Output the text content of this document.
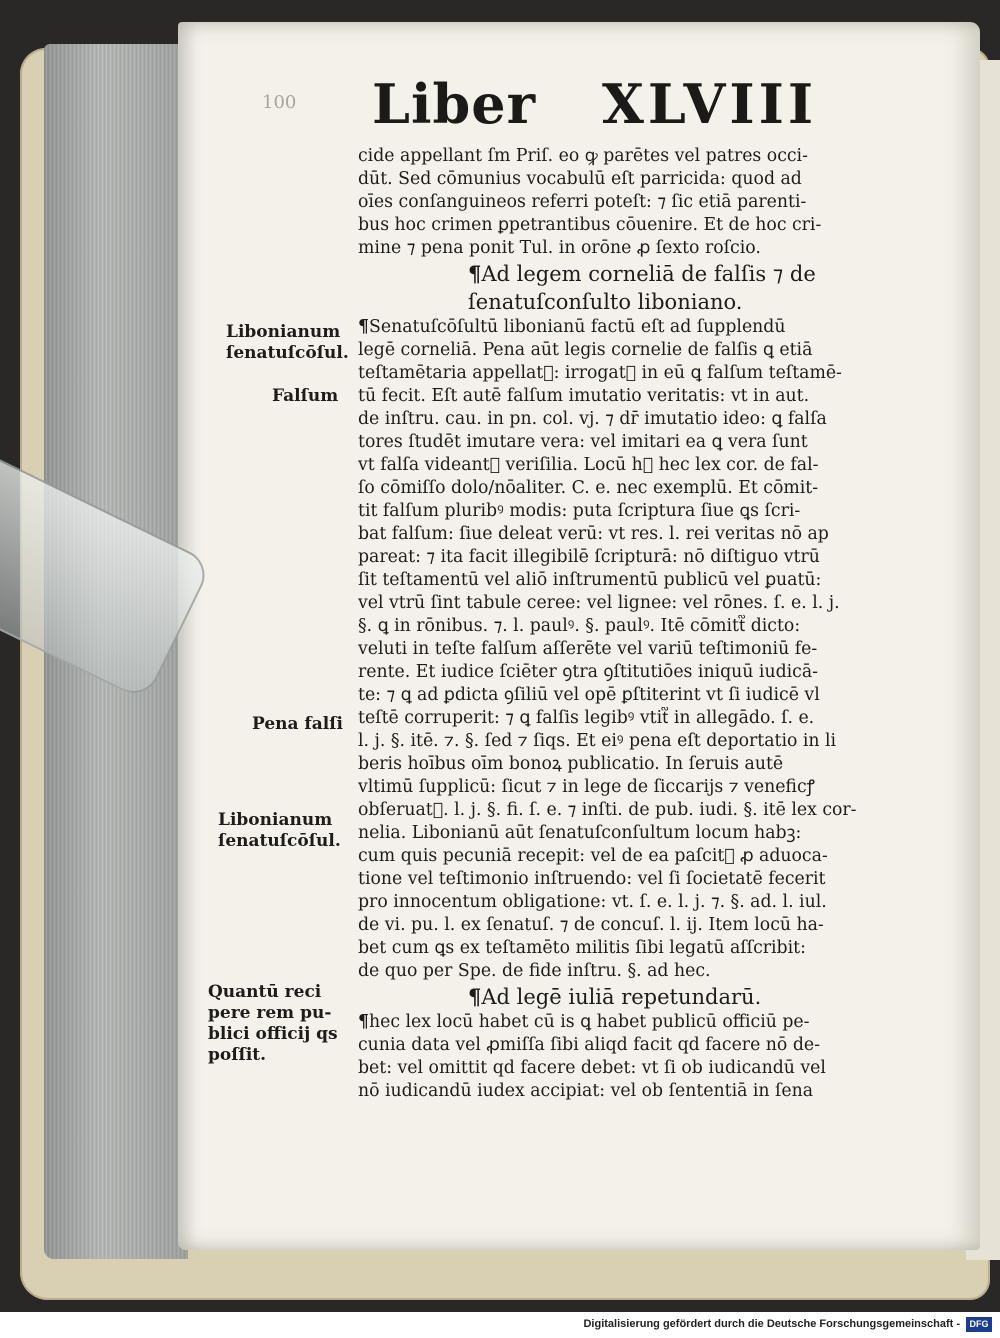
100 Liber XLVIII
cide appellant ſm Priſ. eo ꝙ parētes vel patres occi-
dūt. Sed cōmunius vocabulū eſt parricida: quod ad
oīes conſanguineos referri poteſt: ⁊ ſic etiā parenti-
bus hoc crimen ꝑpetrantibus cōuenire. Et de hoc cri-
mine ⁊ pena ponit Tul. in orōne ꝓ ſexto roſcio.
¶Ad legem corneliā de falſis ⁊ de
ſenatuſconſulto liboniano.
¶Senatuſcōſultū libonianū factū eſt ad ſupplendū
legē corneliā. Pena aūt legis cornelie de falſis ꝗ etiā
teſtamētaria appellat᷑: irrogat᷑ in eū ꝗ falſum teſtamē-
tū fecit. Eſt autē falſum imutatio veritatis: vt in aut.
de inſtru. cau. in pn. col. vj. ⁊ dr̄ imutatio ideo: ꝗ falſa
tores ſtudēt imutare vera: vel imitari ea ꝗ vera ſunt
vt falſa videant᷑ veriſilia. Locū hꝫ hec lex cor. de fal-
ſo cōmiſſo dolo/nōaliter. C. e. nec exemplū. Et cōmit-
tit falſum pluribꝰ modis: puta ſcriptura ſiue ꝗs ſcri-
bat falſum: ſiue deleat verū: vt res. l. rei veritas nō ap
pareat: ⁊ ita facit illegibilē ſcripturā: nō diſtiguo vtrū
ſit teſtamentū vel aliō inſtrumentū publicū vel ꝑuatū:
vel vtrū ſint tabule ceree: vel lignee: vel rōnes. ſ. e. l. j.
§. ꝗ in rōnibus. ⁊. l. paulꝰ. §. paulꝰ. Itē cōmitt᷑ dicto:
veluti in teſte falſum aſſerēte vel variū teſtimoniū fe-
rente. Et iudice ſciēter ꝯtra ꝯſtitutiōes iniquū iudicā-
te: ⁊ ꝗ ad ꝑdicta ꝯſiliū vel opē ꝑſtiterint vt ſi iudicē vl
teſtē corruperit: ⁊ ꝗ falſis legibꝰ vtit᷑ in allegādo. ſ. e.
l. j. §. itē. ⁊. §. ſed ⁊ ſiqs. Et eiꝰ pena eſt deportatio in li
beris hoībus oīm bonoꝝ publicatio. In ſeruis autē
vltimū ſupplicū: ſicut ⁊ in lege de ſiccarijs ⁊ veneficꝭ
obſeruat᷑. l. j. §. fi. ſ. e. ⁊ inſti. de pub. iudi. §. itē lex cor-
nelia. Libonianū aūt ſenatuſconſultum locum habꝫ:
cum quis pecuniā recepit: vel de ea paſcit᷑ ꝓ aduoca-
tione vel teſtimonio inſtruendo: vel ſi ſocietatē fecerit
pro innocentum obligatione: vt. ſ. e. l. j. ⁊. §. ad. l. iul.
de vi. pu. l. ex ſenatuſ. ⁊ de concuſ. l. ij. Item locū ha-
bet cum ꝗs ex teſtamēto militis ſibi legatū aſſcribit:
de quo per Spe. de fide inſtru. §. ad hec.
¶Ad legē iuliā repetundarū.
¶hec lex locū habet cū is ꝗ habet publicū officiū pe-
cunia data vel ꝓmiſſa ſibi aliqd facit qd facere nō de-
bet: vel omittit qd facere debet: vt ſi ob iudicandū vel
nō iudicandū iudex accipiat: vel ob ſententiā in ſena
Libonianum
ſenatuſcōſul.
Falſum
Pena falſi
Libonianum
ſenatuſcōſul.
Quantū reci
pere rem pu-
blici officij qs
poſſit.
Digitalisierung gefördert durch die Deutsche Forschungsgemeinschaft -	DFG
